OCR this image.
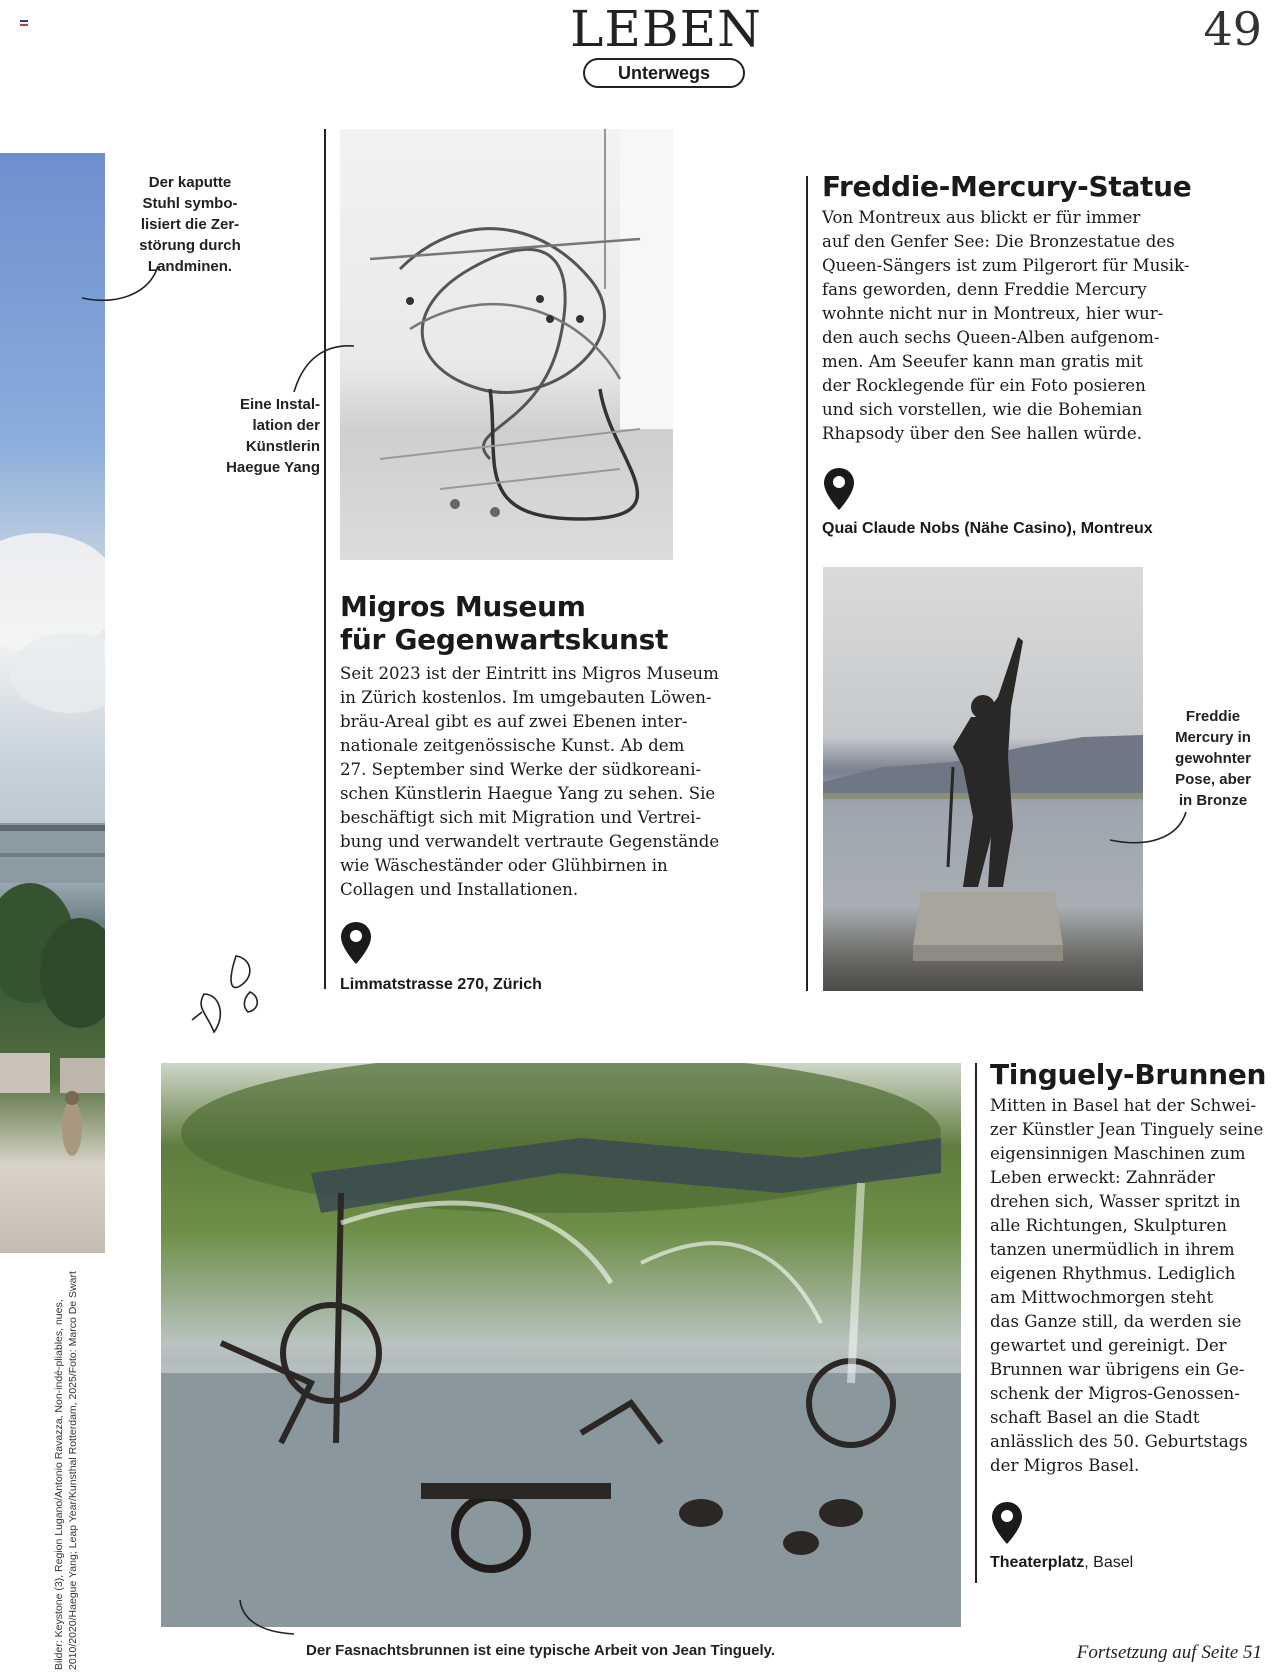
LEBEN
Unterwegs
49
Der kaputte
Stuhl symbo-
lisiert die Zer-
störung durch
Landminen.
Eine Instal-
lation der
Künstlerin
Haegue Yang
Migros Museum
für Gegenwartskunst
Seit 2023 ist der Eintritt ins Migros Museum
in Zürich kostenlos. Im umgebauten Löwen-
bräu-Areal gibt es auf zwei Ebenen inter-
nationale zeitgenössische Kunst. Ab dem
27. September sind Werke der südkoreani-
schen Künstlerin Haegue Yang zu sehen. Sie
beschäftigt sich mit Migration und Vertrei-
bung und verwandelt vertraute Gegenstände
wie Wäscheständer oder Glühbirnen in
Collagen und Installationen.
Limmatstrasse 270, Zürich
Freddie-Mercury-Statue
Von Montreux aus blickt er für immer
auf den Genfer See: Die Bronzestatue des
Queen-Sängers ist zum Pilgerort für Musik-
fans geworden, denn Freddie Mercury
wohnte nicht nur in Montreux, hier wur-
den auch sechs Queen-Alben aufgenom-
men. Am Seeufer kann man gratis mit
der Rocklegende für ein Foto posieren
und sich vorstellen, wie die Bohemian
Rhapsody über den See hallen würde.
Quai Claude Nobs (Nähe Casino), Montreux
Freddie
Mercury in
gewohnter
Pose, aber
in Bronze
Der Fasnachtsbrunnen ist eine typische Arbeit von Jean Tinguely.
Tinguely-Brunnen
Mitten in Basel hat der Schwei-
zer Künstler Jean Tinguely seine
eigensinnigen Maschinen zum
Leben erweckt: Zahnräder
drehen sich, Wasser spritzt in
alle Richtungen, Skulpturen
tanzen unermüdlich in ihrem
eigenen Rhythmus. Lediglich
am Mittwochmorgen steht
das Ganze still, da werden sie
gewartet und gereinigt. Der
Brunnen war übrigens ein Ge-
schenk der Migros-Genossen-
schaft Basel an die Stadt
anlässlich des 50. Geburtstags
der Migros Basel.
Theaterplatz, Basel
Bilder: Keystone (3), Region Lugano/Antonio Ravazza, Non-indé-pliables, nues, 2010/2020/Haegue Yang; Leap Year/Kunsthal Rotterdam, 2025/Foto: Marco De Swart	Fortsetzung auf Seite 51
